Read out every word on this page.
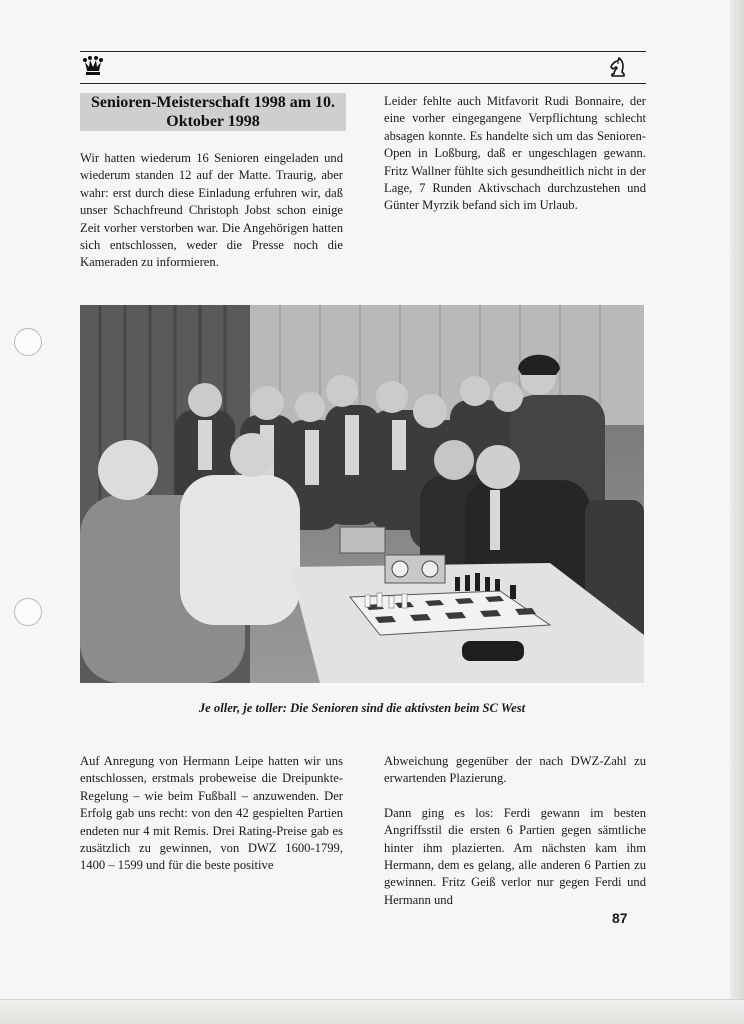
Senioren-Meisterschaft 1998 am 10. Oktober 1998

Wir hatten wiederum 16 Senioren eingeladen und wiederum standen 12 auf der Matte. Traurig, aber wahr: erst durch diese Einladung erfuhren wir, daß unser Schachfreund Christoph Jobst schon einige Zeit vorher verstorben war. Die Angehörigen hatten sich entschlossen, weder die Presse noch die Kameraden zu informieren.

Leider fehlte auch Mitfavorit Rudi Bonnaire, der eine vorher eingegangene Verpflichtung schlecht absagen konnte. Es handelte sich um das Senioren-Open in Loßburg, daß er ungeschlagen gewann. Fritz Wallner fühlte sich gesundheitlich nicht in der Lage, 7 Runden Aktivschach durchzustehen und Günter Myrzik befand sich im Urlaub.

Je oller, je toller: Die Senioren sind die aktivsten beim SC West

Auf Anregung von Hermann Leipe hatten wir uns entschlossen, erstmals probeweise die Dreipunkte-Regelung – wie beim Fußball – anzuwenden. Der Erfolg gab uns recht: von den 42 gespielten Partien endeten nur 4 mit Remis. Drei Rating-Preise gab es zusätzlich zu gewinnen, von DWZ 1600-1799, 1400 – 1599 und für die beste positive

Abweichung gegenüber der nach DWZ-Zahl zu erwartenden Plazierung.

Dann ging es los: Ferdi gewann im besten Angriffsstil die ersten 6 Partien gegen sämtliche hinter ihm plazierten. Am nächsten kam ihm Hermann, dem es gelang, alle anderen 6 Partien zu gewinnen. Fritz Geiß verlor nur gegen Ferdi und Hermann und

87
